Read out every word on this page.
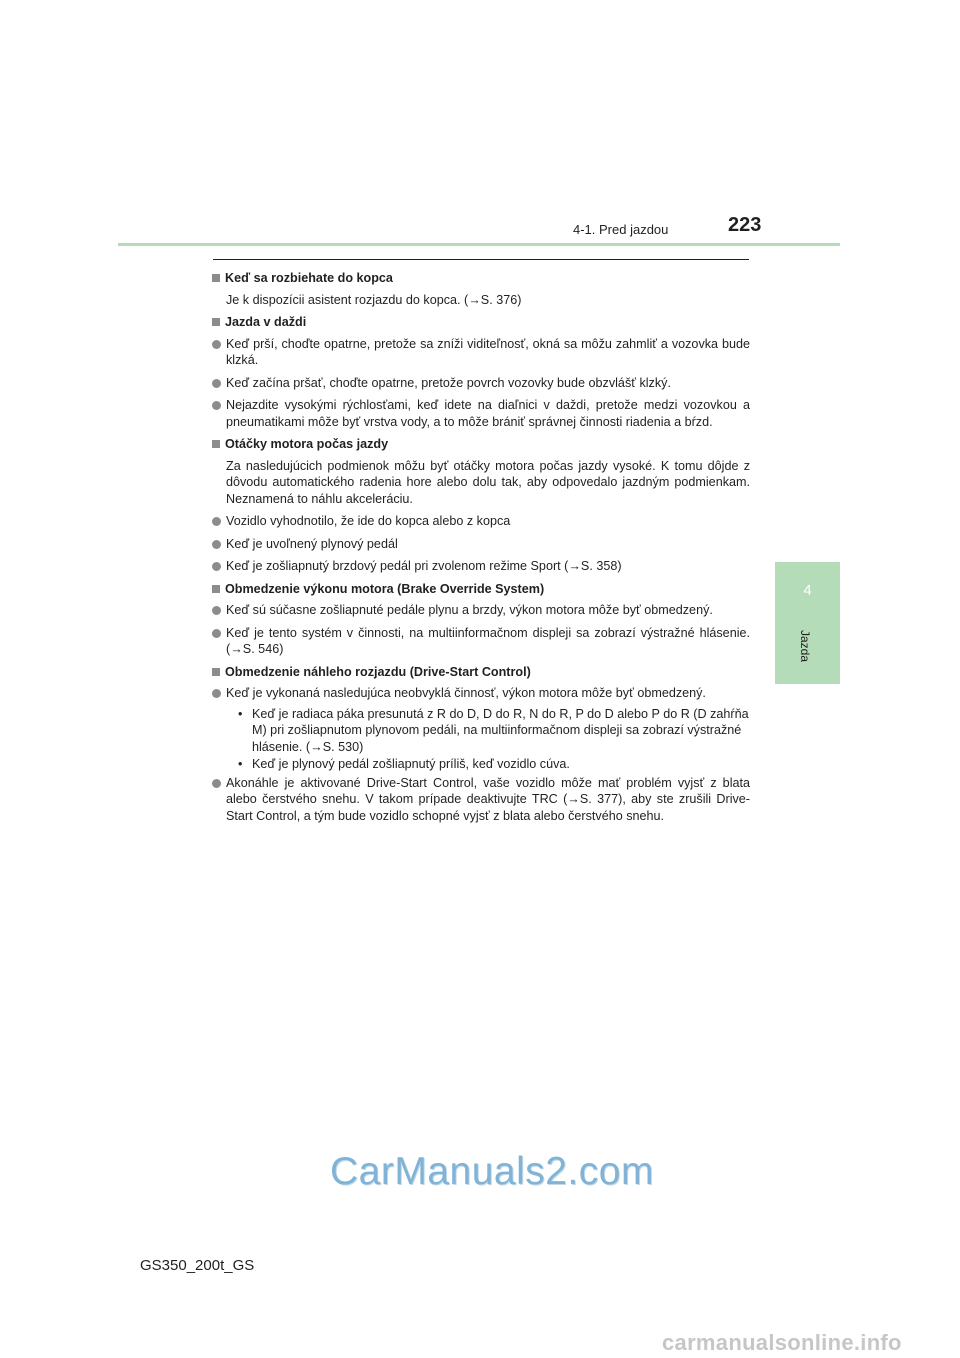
4-1. Pred jazdou	223
4
Jazda
Keď sa rozbiehate do kopca
Je k dispozícii asistent rozjazdu do kopca. (→S. 376)
Jazda v daždi
Keď prší, choďte opatrne, pretože sa zníži viditeľnosť, okná sa môžu zahmliť a vozovka bude klzká.
Keď začína pršať, choďte opatrne, pretože povrch vozovky bude obzvlášť klzký.
Nejazdite vysokými rýchlosťami, keď idete na diaľnici v daždi, pretože medzi vozovkou a pneumatikami môže byť vrstva vody, a to môže brániť správnej činnosti riadenia a bŕzd.
Otáčky motora počas jazdy
Za nasledujúcich podmienok môžu byť otáčky motora počas jazdy vysoké. K tomu dôjde z dôvodu automatického radenia hore alebo dolu tak, aby odpovedalo jazdným podmienkam. Neznamená to náhlu akceleráciu.
Vozidlo vyhodnotilo, že ide do kopca alebo z kopca
Keď je uvoľnený plynový pedál
Keď je zošliapnutý brzdový pedál pri zvolenom režime Sport (→S. 358)
Obmedzenie výkonu motora (Brake Override System)
Keď sú súčasne zošliapnuté pedále plynu a brzdy, výkon motora môže byť obmedzený.
Keď je tento systém v činnosti, na multiinformačnom displeji sa zobrazí výstražné hlásenie. (→S. 546)
Obmedzenie náhleho rozjazdu (Drive-Start Control)
Keď je vykonaná nasledujúca neobvyklá činnosť, výkon motora môže byť obmedzený.
• Keď je radiaca páka presunutá z R do D, D do R, N do R, P do D alebo P do R (D zahŕňa M) pri zošliapnutom plynovom pedáli, na multiinformačnom displeji sa zobrazí výstražné hlásenie. (→S. 530)
• Keď je plynový pedál zošliapnutý príliš, keď vozidlo cúva.
Akonáhle je aktivované Drive-Start Control, vaše vozidlo môže mať problém vyjsť z blata alebo čerstvého snehu. V takom prípade deaktivujte TRC (→S. 377), aby ste zrušili Drive-Start Control, a tým bude vozidlo schopné vyjsť z blata alebo čerstvého snehu.
CarManuals2.com
GS350_200t_GS
carmanualsonline.info
